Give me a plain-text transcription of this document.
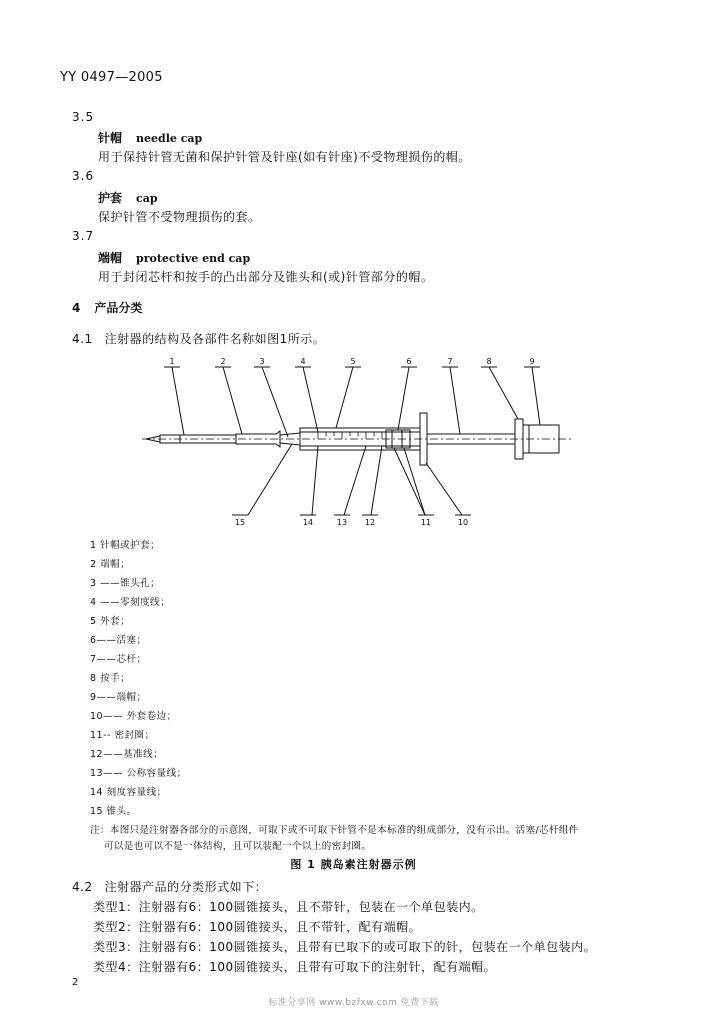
YY 0497—2005
3.5
针帽 needle cap
用于保持针管无菌和保护针管及针座(如有针座)不受物理损伤的帽。
3.6
护套 cap
保护针管不受物理损伤的套。
3.7
端帽 protective end cap
用于封闭芯杆和按手的凸出部分及锥头和(或)针管部分的帽。
4 产品分类
4.1 注射器的结构及各部件名称如图1所示。
1	2	3	4	5	6	7	8	9
15	14	13 12	11	10
1 针帽或护套；
2 端帽；
3 ——锥头孔；
4 ——零刻度线；
5 外套；
6——活塞；
7——芯杆；
8 按手；
9——端帽；
10—— 外套卷边；
11-- 密封圈；
12——基准线；
13—— 公称容量线；
14 刻度容量线；
15 锥头。
注：本图只是注射器各部分的示意图，可取下或不可取下针管不是本标准的组成部分，没有示出。活塞/芯杆组件
可以是也可以不是一体结构，且可以装配一个以上的密封圈。
图 1 胰岛素注射器示例
4.2 注射器产品的分类形式如下：
类型1：注射器有6：100圆锥接头，且不带针，包装在一个单包装内。
类型2：注射器有6：100圆锥接头，且不带针，配有端帽。
类型3：注射器有6：100圆锥接头，且带有已取下的或可取下的针，包装在一个单包装内。
类型4：注射器有6：100圆锥接头，且带有可取下的注射针，配有端帽。
2
标准分享网 www.bzfxw.com 免费下载
